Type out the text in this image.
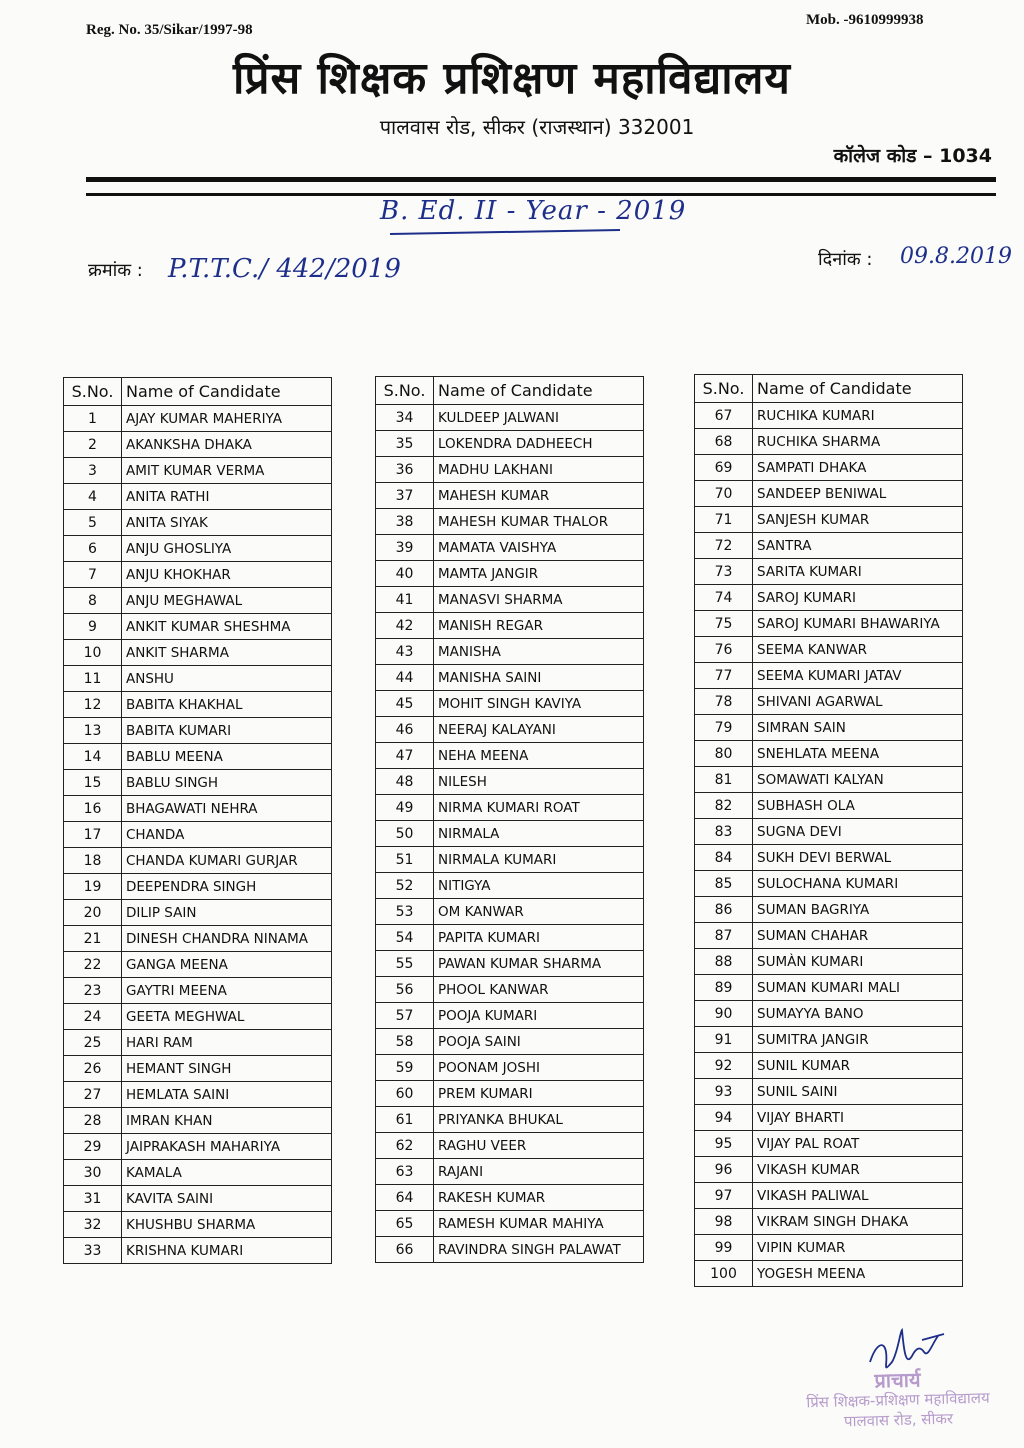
Reg. No. 35/Sikar/1997-98
Mob. -9610999938
प्रिंस शिक्षक प्रशिक्षण महाविद्यालय
पालवास रोड, सीकर (राजस्थान) 332001
कॉलेज कोड – 1034
B. Ed. II - Year - 2019
क्रमांक : P.T.T.C./ 442/2019	दिनांक : 09.8.2019
S.No.	Name of Candidate
1	AJAY KUMAR MAHERIYA
2	AKANKSHA DHAKA
3	AMIT KUMAR VERMA
4	ANITA RATHI
5	ANITA SIYAK
6	ANJU GHOSLIYA
7	ANJU KHOKHAR
8	ANJU MEGHAWAL
9	ANKIT KUMAR SHESHMA
10	ANKIT SHARMA
11	ANSHU
12	BABITA KHAKHAL
13	BABITA KUMARI
14	BABLU MEENA
15	BABLU SINGH
16	BHAGAWATI NEHRA
17	CHANDA
18	CHANDA KUMARI GURJAR
19	DEEPENDRA SINGH
20	DILIP SAIN
21	DINESH CHANDRA NINAMA
22	GANGA MEENA
23	GAYTRI MEENA
24	GEETA MEGHWAL
25	HARI RAM
26	HEMANT SINGH
27	HEMLATA SAINI
28	IMRAN KHAN
29	JAIPRAKASH MAHARIYA
30	KAMALA
31	KAVITA SAINI
32	KHUSHBU SHARMA
33	KRISHNA KUMARI
S.No.	Name of Candidate
34	KULDEEP JALWANI
35	LOKENDRA DADHEECH
36	MADHU LAKHANI
37	MAHESH KUMAR
38	MAHESH KUMAR THALOR
39	MAMATA VAISHYA
40	MAMTA JANGIR
41	MANASVI SHARMA
42	MANISH REGAR
43	MANISHA
44	MANISHA SAINI
45	MOHIT SINGH KAVIYA
46	NEERAJ KALAYANI
47	NEHA MEENA
48	NILESH
49	NIRMA KUMARI ROAT
50	NIRMALA
51	NIRMALA KUMARI
52	NITIGYA
53	OM KANWAR
54	PAPITA KUMARI
55	PAWAN KUMAR SHARMA
56	PHOOL KANWAR
57	POOJA KUMARI
58	POOJA SAINI
59	POONAM JOSHI
60	PREM KUMARI
61	PRIYANKA BHUKAL
62	RAGHU VEER
63	RAJANI
64	RAKESH KUMAR
65	RAMESH KUMAR MAHIYA
66	RAVINDRA SINGH PALAWAT
S.No.	Name of Candidate
67	RUCHIKA KUMARI
68	RUCHIKA SHARMA
69	SAMPATI DHAKA
70	SANDEEP BENIWAL
71	SANJESH KUMAR
72	SANTRA
73	SARITA KUMARI
74	SAROJ KUMARI
75	SAROJ KUMARI BHAWARIYA
76	SEEMA KANWAR
77	SEEMA KUMARI JATAV
78	SHIVANI AGARWAL
79	SIMRAN SAIN
80	SNEHLATA MEENA
81	SOMAWATI KALYAN
82	SUBHASH OLA
83	SUGNA DEVI
84	SUKH DEVI BERWAL
85	SULOCHANA KUMARI
86	SUMAN BAGRIYA
87	SUMAN CHAHAR
88	SUMÀN KUMARI
89	SUMAN KUMARI MALI
90	SUMAYYA BANO
91	SUMITRA JANGIR
92	SUNIL KUMAR
93	SUNIL SAINI
94	VIJAY BHARTI
95	VIJAY PAL ROAT
96	VIKASH KUMAR
97	VIKASH PALIWAL
98	VIKRAM SINGH DHAKA
99	VIPIN KUMAR
100	YOGESH MEENA
प्राचार्य
प्रिंस शिक्षक-प्रशिक्षण महाविद्यालय
पालवास रोड, सीकर
